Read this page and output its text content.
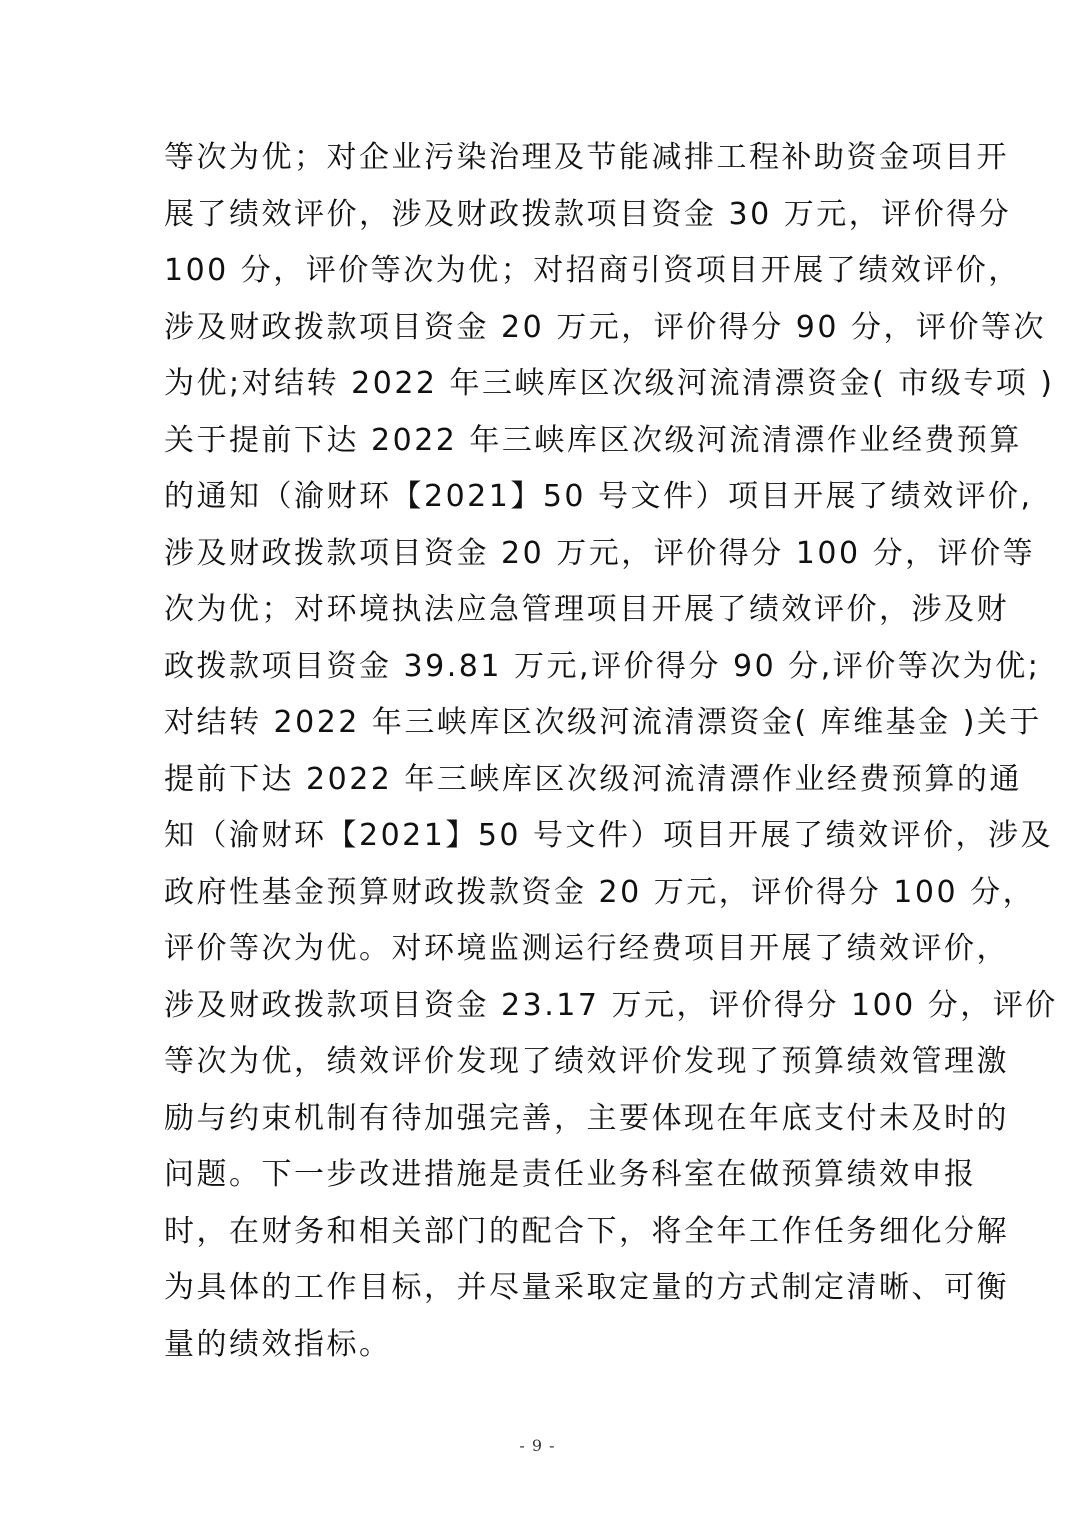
等次为优；对企业污染治理及节能减排工程补助资金项目开
展了绩效评价，涉及财政拨款项目资金 30 万元，评价得分
100 分，评价等次为优；对招商引资项目开展了绩效评价，
涉及财政拨款项目资金 20 万元，评价得分 90 分，评价等次
为优;对结转 2022 年三峡库区次级河流清漂资金( 市级专项 )
关于提前下达 2022 年三峡库区次级河流清漂作业经费预算
的通知（渝财环【2021】50 号文件）项目开展了绩效评价,
涉及财政拨款项目资金 20 万元，评价得分 100 分，评价等
次为优；对环境执法应急管理项目开展了绩效评价，涉及财
政拨款项目资金 39.81 万元,评价得分 90 分,评价等次为优;
对结转 2022 年三峡库区次级河流清漂资金( 库维基金 )关于
提前下达 2022 年三峡库区次级河流清漂作业经费预算的通
知（渝财环【2021】50 号文件）项目开展了绩效评价，涉及
政府性基金预算财政拨款资金 20 万元，评价得分 100 分，
评价等次为优。对环境监测运行经费项目开展了绩效评价，
涉及财政拨款项目资金 23.17 万元，评价得分 100 分，评价
等次为优，绩效评价发现了绩效评价发现了预算绩效管理激
励与约束机制有待加强完善，主要体现在年底支付未及时的
问题。下一步改进措施是责任业务科室在做预算绩效申报
时，在财务和相关部门的配合下，将全年工作任务细化分解
为具体的工作目标，并尽量采取定量的方式制定清晰、可衡
量的绩效指标。
- 9 -
